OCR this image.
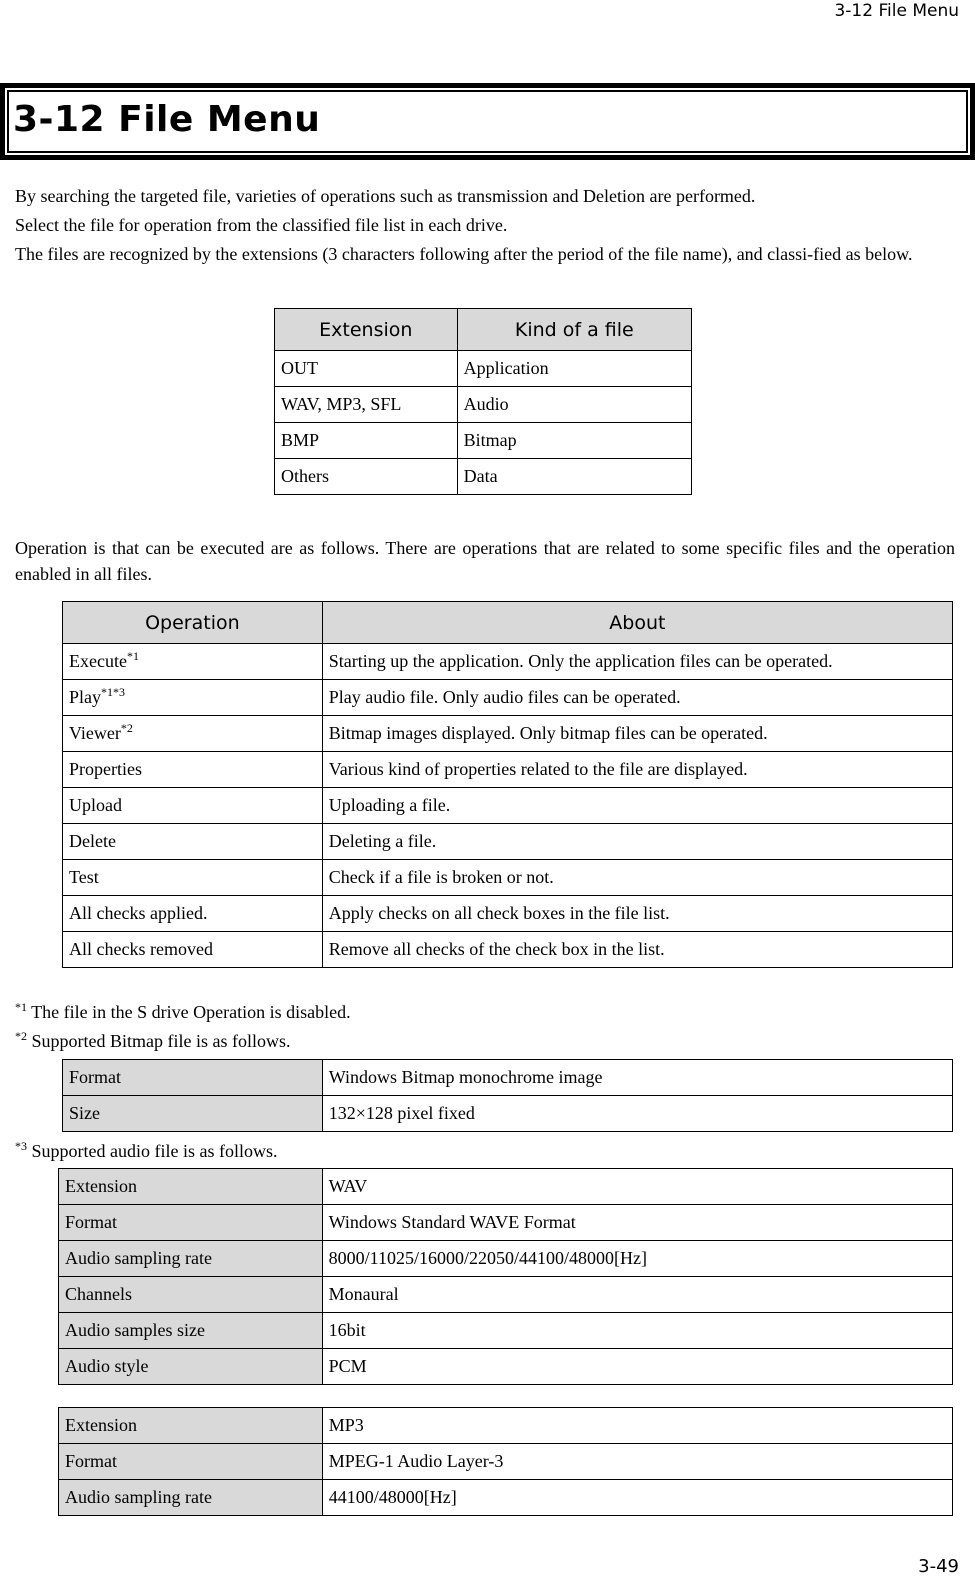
3-12 File Menu
3-12 File Menu

By searching the targeted file, varieties of operations such as transmission and Deletion are performed.

Select the file for operation from the classified file list in each drive.

The files are recognized by the extensions (3 characters following after the period of the file name), and classi-fied as below.

Extension	Kind of a file
OUT	Application
WAV, MP3, SFL	Audio
BMP	Bitmap
Others	Data

Operation is that can be executed are as follows. There are operations that are related to some specific files and the operation enabled in all files.

Operation	About
Execute$^{*1}$	Starting up the application. Only the application files can be operated.
Play$^{*1*3}$	Play audio file. Only audio files can be operated.
Viewer$^{*2}$	Bitmap images displayed. Only bitmap files can be operated.
Properties	Various kind of properties related to the file are displayed.
Upload	Uploading a file.
Delete	Deleting a file.
Test	Check if a file is broken or not.
All checks applied.	Apply checks on all check boxes in the file list.
All checks removed	Remove all checks of the check box in the list.

$^{*1}$ The file in the S drive Operation is disabled.

$^{*2}$ Supported Bitmap file is as follows.

Format	Windows Bitmap monochrome image
Size	132×128 pixel fixed

$^{*3}$ Supported audio file is as follows.

Extension	WAV
Format	Windows Standard WAVE Format
Audio sampling rate	8000/11025/16000/22050/44100/48000[Hz]
Channels	Monaural
Audio samples size	16bit
Audio style	PCM
Extension	MP3
Format	MPEG-1 Audio Layer-3
Audio sampling rate	44100/48000[Hz]
3-49
